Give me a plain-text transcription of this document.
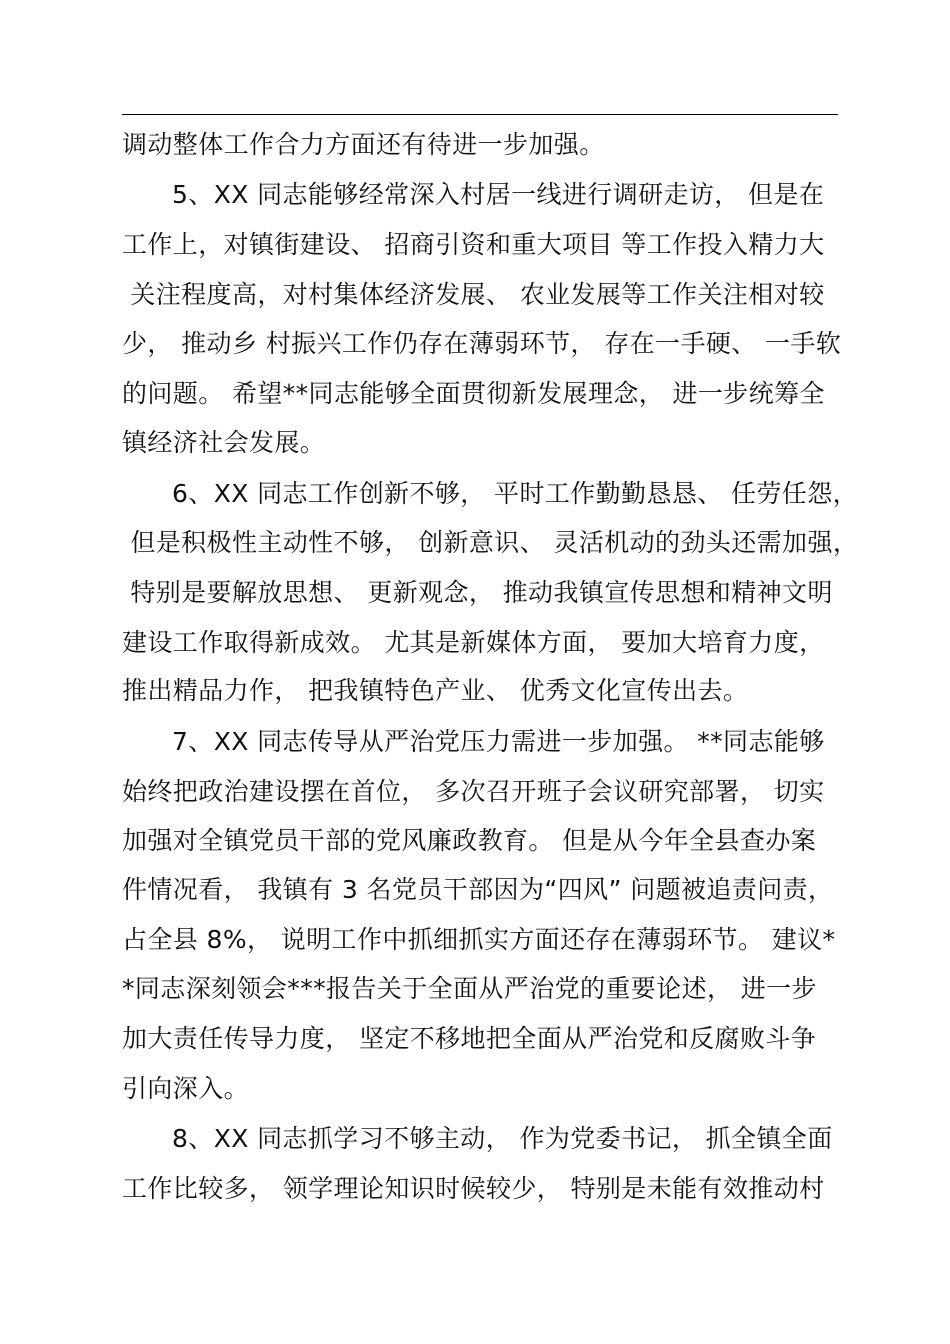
调动整体工作合力方面还有待进一步加强。
5、XX 同志能够经常深入村居一线进行调研走访， 但是在
工作上，对镇街建设、 招商引资和重大项目 等工作投入精力大
关注程度高，对村集体经济发展、 农业发展等工作关注相对较
少， 推动乡 村振兴工作仍存在薄弱环节， 存在一手硬、 一手软
的问题。 希望**同志能够全面贯彻新发展理念， 进一步统筹全
镇经济社会发展。
6、XX 同志工作创新不够， 平时工作勤勤恳恳、 任劳任怨，
但是积极性主动性不够， 创新意识、 灵活机动的劲头还需加强，
特别是要解放思想、 更新观念， 推动我镇宣传思想和精神文明
建设工作取得新成效。 尤其是新媒体方面， 要加大培育力度，
推出精品力作， 把我镇特色产业、 优秀文化宣传出去。
7、XX 同志传导从严治党压力需进一步加强。 **同志能够
始终把政治建设摆在首位， 多次召开班子会议研究部署， 切实
加强对全镇党员干部的党风廉政教育。 但是从今年全县查办案
件情况看， 我镇有 3 名党员干部因为“四风” 问题被追责问责，
占全县 8%， 说明工作中抓细抓实方面还存在薄弱环节。 建议*
*同志深刻领会***报告关于全面从严治党的重要论述， 进一步
加大责任传导力度， 坚定不移地把全面从严治党和反腐败斗争
引向深入。
8、XX 同志抓学习不够主动， 作为党委书记， 抓全镇全面
工作比较多， 领学理论知识时候较少， 特别是未能有效推动村
